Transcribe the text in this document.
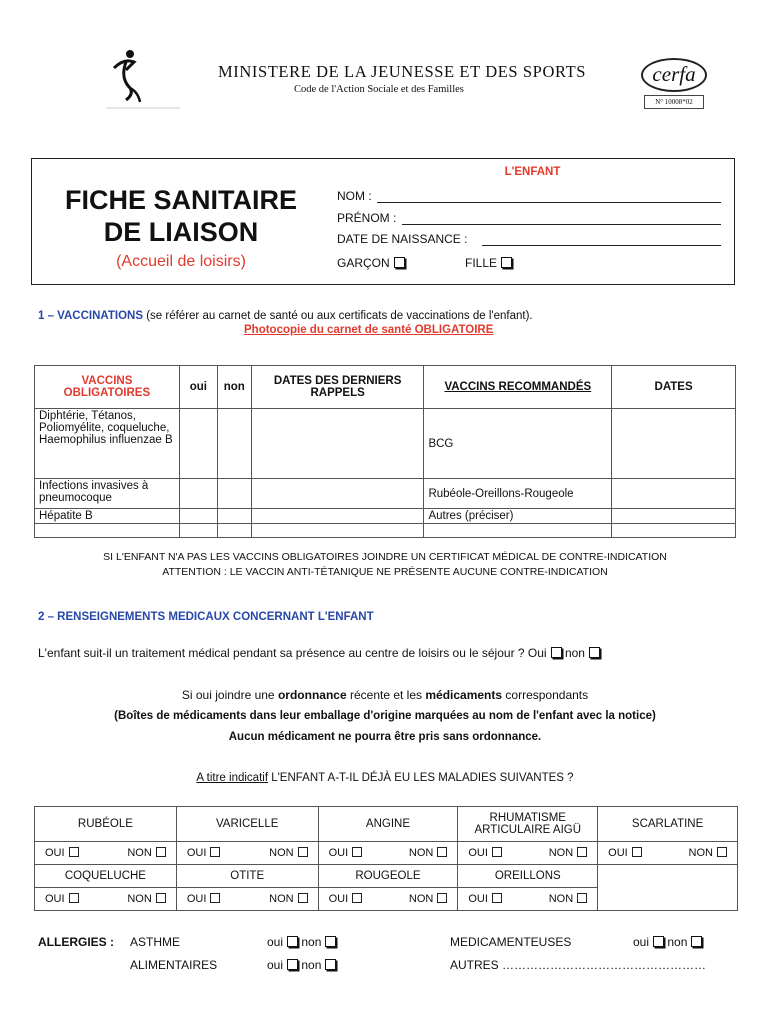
MINISTERE DE LA JEUNESSE ET DES SPORTS
Code de l'Action Sociale et des Familles
cerfa
N° 10008*02
FICHE SANITAIRE
DE LIAISON
(Accueil de loisirs)
L'ENFANT
NOM :
PRÉNOM :
DATE DE NAISSANCE :
GARÇON	FILLE
1 – VACCINATIONS (se référer au carnet de santé ou aux certificats de vaccinations de l'enfant).
Photocopie du carnet de santé OBLIGATOIRE
VACCINS OBLIGATOIRES	oui	non	DATES DES DERNIERS RAPPELS	VACCINS RECOMMANDÉS	DATES
Diphtérie, Tétanos, Poliomyélite, coqueluche, Haemophilus influenzae B				BCG	
Infections invasives à pneumocoque				Rubéole-Oreillons-Rougeole	
Hépatite B				Autres (préciser)	

SI L'ENFANT N'A PAS LES VACCINS OBLIGATOIRES JOINDRE UN CERTIFICAT MÉDICAL DE CONTRE-INDICATION
ATTENTION : LE VACCIN ANTI-TÉTANIQUE NE PRÉSENTE AUCUNE CONTRE-INDICATION
2 – RENSEIGNEMENTS MEDICAUX CONCERNANT L'ENFANT
L'enfant suit-il un traitement médical pendant sa présence au centre de loisirs ou le séjour ? Oui non
Si oui joindre une ordonnance récente et les médicaments correspondants
(Boîtes de médicaments dans leur emballage d'origine marquées au nom de l'enfant avec la notice)
Aucun médicament ne pourra être pris sans ordonnance.
A titre indicatif L'ENFANT A-T-IL DÉJÀ EU LES MALADIES SUIVANTES ?
RUBÉOLE	VARICELLE	ANGINE	RHUMATISME ARTICULAIRE AIGÜ	SCARLATINE

OUI NON	OUI NON	OUI NON	OUI NON	OUI NON

COQUELUCHE	OTITE	ROUGEOLE	OREILLONS	

OUI NON	OUI NON	OUI NON	OUI NON	
ALLERGIES : ASTHME	oui non	MEDICAMENTEUSES	oui non
ALIMENTAIRES	oui non	AUTRES ……………………………………………
